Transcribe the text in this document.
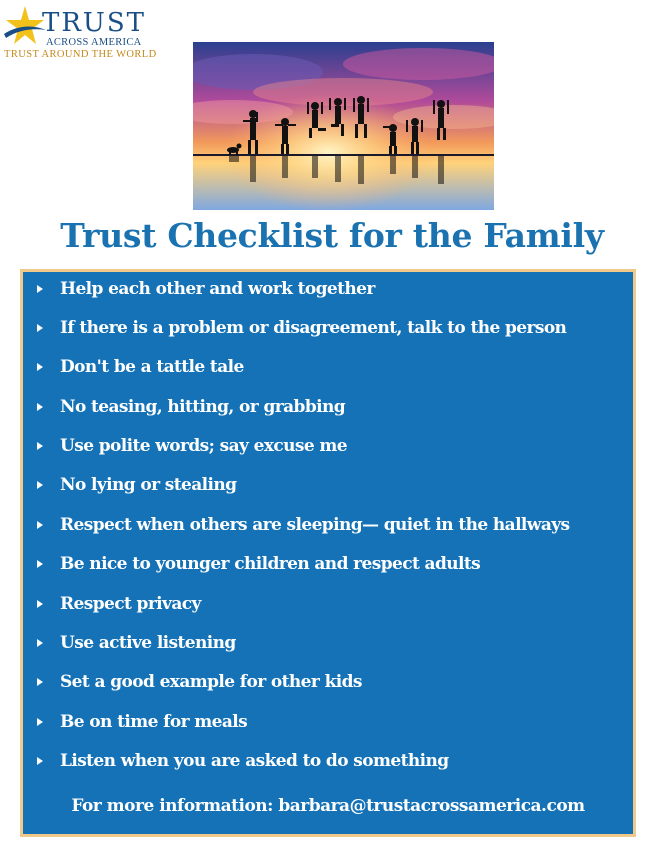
TRUST
ACROSS AMERICA
TRUST AROUND THE WORLD
Trust Checklist for the Family
Help each other and work together
If there is a problem or disagreement, talk to the person
Don't be a tattle tale
No teasing, hitting, or grabbing
Use polite words; say excuse me
No lying or stealing
Respect when others are sleeping— quiet in the hallways
Be nice to younger children and respect adults
Respect privacy
Use active listening
Set a good example for other kids
Be on time for meals
Listen when you are asked to do something
For more information: barbara@trustacrossamerica.com
